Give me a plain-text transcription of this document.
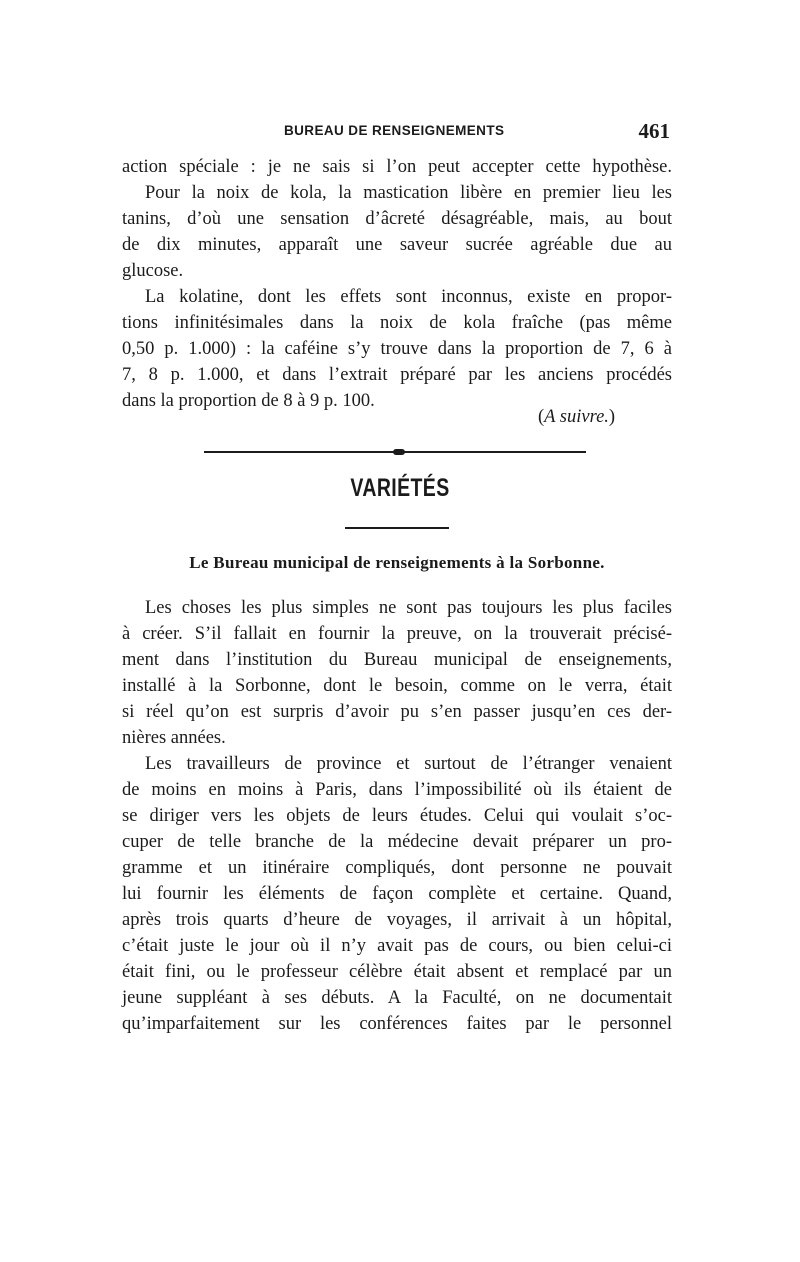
BUREAU DE RENSEIGNEMENTS	461
action spéciale : je ne sais si l’on peut accepter cette hypothèse.
Pour la noix de kola, la mastication libère en premier lieu les
tanins, d’où une sensation d’âcreté désagréable, mais, au bout
de dix minutes, apparaît une saveur sucrée agréable due au
glucose.
La kolatine, dont les effets sont inconnus, existe en propor-
tions infinitésimales dans la noix de kola fraîche (pas même
0,50 p. 1.000) : la caféine s’y trouve dans la proportion de 7, 6 à
7, 8 p. 1.000, et dans l’extrait préparé par les anciens procédés
dans la proportion de 8 à 9 p. 100.
(A suivre.)
VARIÉTÉS
Le Bureau municipal de renseignements à la Sorbonne.
Les choses les plus simples ne sont pas toujours les plus faciles
à créer. S’il fallait en fournir la preuve, on la trouverait précisé-
ment dans l’institution du Bureau municipal de enseignements,
installé à la Sorbonne, dont le besoin, comme on le verra, était
si réel qu’on est surpris d’avoir pu s’en passer jusqu’en ces der-
nières années.
Les travailleurs de province et surtout de l’étranger venaient
de moins en moins à Paris, dans l’impossibilité où ils étaient de
se diriger vers les objets de leurs études. Celui qui voulait s’oc-
cuper de telle branche de la médecine devait préparer un pro-
gramme et un itinéraire compliqués, dont personne ne pouvait
lui fournir les éléments de façon complète et certaine. Quand,
après trois quarts d’heure de voyages, il arrivait à un hôpital,
c’était juste le jour où il n’y avait pas de cours, ou bien celui-ci
était fini, ou le professeur célèbre était absent et remplacé par un
jeune suppléant à ses débuts. A la Faculté, on ne documentait
qu’imparfaitement sur les conférences faites par le personnel
